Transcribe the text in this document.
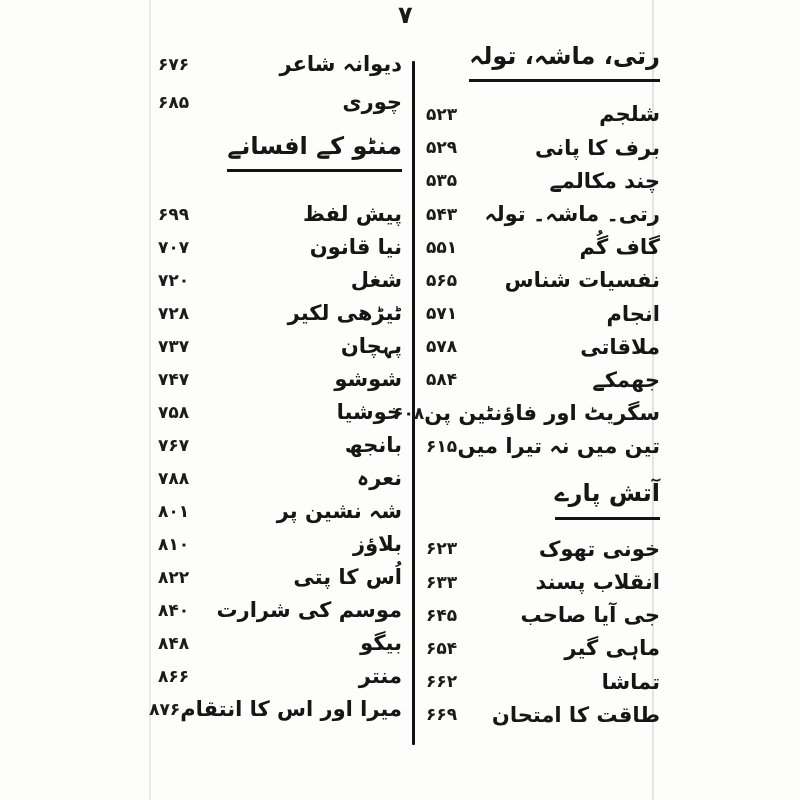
۷
رتی، ماشہ، تولہ
شلجم
۵۲۳
برف کا پانی
۵۲۹
چند مکالمے
۵۳۵
رتی۔ ماشہ۔ تولہ
۵۴۳
گاف گُم
۵۵۱
نفسیات شناس
۵۶۵
انجام
۵۷۱
ملاقاتی
۵۷۸
جھمکے
۵۸۴
سگریٹ اور فاؤنٹین پن
۶۰۸
تین میں نہ تیرا میں
۶۱۵
آتش پارے
خونی تھوک
۶۲۳
انقلاب پسند
۶۳۳
جی آیا صاحب
۶۴۵
ماہی گیر
۶۵۴
تماشا
۶۶۲
طاقت کا امتحان
۶۶۹
دیوانہ شاعر
۶۷۶
چوری
۶۸۵
منٹو کے افسانے
پیش لفظ
۶۹۹
نیا قانون
۷۰۷
شغل
۷۲۰
ٹیڑھی لکیر
۷۲۸
پہچان
۷۳۷
شوشو
۷۴۷
خوشیا
۷۵۸
بانجھ
۷۶۷
نعرہ
۷۸۸
شہ نشین پر
۸۰۱
بلاؤز
۸۱۰
اُس کا پتی
۸۲۲
موسم کی شرارت
۸۴۰
بیگو
۸۴۸
منتر
۸۶۶
میرا اور اس کا انتقام
۸۷۶
